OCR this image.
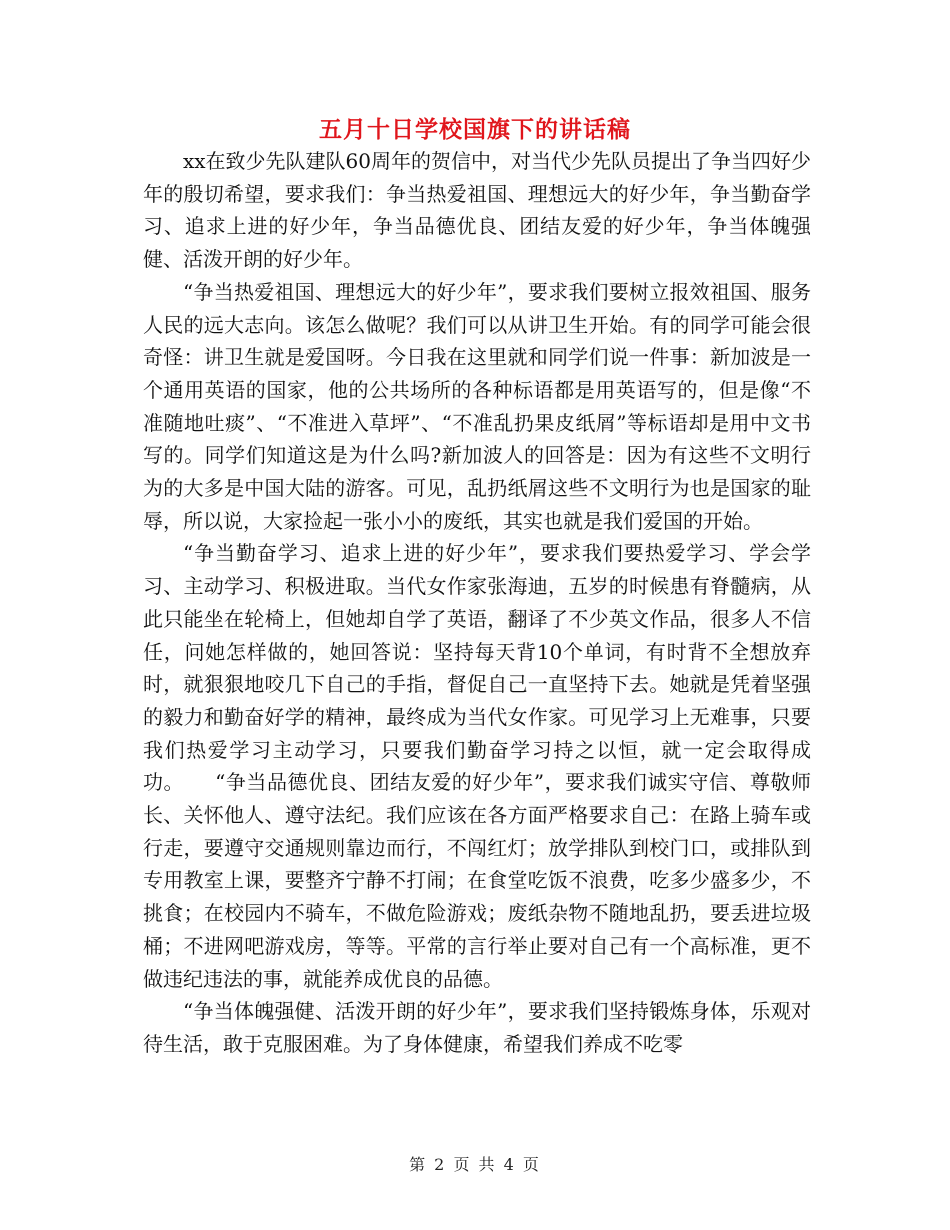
五月十日学校国旗下的讲话稿

xx在致少先队建队60周年的贺信中，对当代少先队员提出了争当四好少年的殷切希望，要求我们：争当热爱祖国、理想远大的好少年，争当勤奋学习、追求上进的好少年，争当品德优良、团结友爱的好少年，争当体魄强健、活泼开朗的好少年。

“争当热爱祖国、理想远大的好少年”，要求我们要树立报效祖国、服务人民的远大志向。该怎么做呢？我们可以从讲卫生开始。有的同学可能会很奇怪：讲卫生就是爱国呀。今日我在这里就和同学们说一件事：新加波是一个通用英语的国家，他的公共场所的各种标语都是用英语写的，但是像“不准随地吐痰”、“不准进入草坪”、“不准乱扔果皮纸屑”等标语却是用中文书写的。同学们知道这是为什么吗?新加波人的回答是：因为有这些不文明行为的大多是中国大陆的游客。可见，乱扔纸屑这些不文明行为也是国家的耻辱，所以说，大家捡起一张小小的废纸，其实也就是我们爱国的开始。

“争当勤奋学习、追求上进的好少年”，要求我们要热爱学习、学会学习、主动学习、积极进取。当代女作家张海迪，五岁的时候患有脊髓病，从此只能坐在轮椅上，但她却自学了英语，翻译了不少英文作品，很多人不信任，问她怎样做的，她回答说：坚持每天背10个单词，有时背不全想放弃时，就狠狠地咬几下自己的手指，督促自己一直坚持下去。她就是凭着坚强的毅力和勤奋好学的精神，最终成为当代女作家。可见学习上无难事，只要我们热爱学习主动学习，只要我们勤奋学习持之以恒，就一定会取得成功。　　“争当品德优良、团结友爱的好少年”，要求我们诚实守信、尊敬师长、关怀他人、遵守法纪。我们应该在各方面严格要求自己：在路上骑车或行走，要遵守交通规则靠边而行，不闯红灯；放学排队到校门口，或排队到专用教室上课，要整齐宁静不打闹；在食堂吃饭不浪费，吃多少盛多少，不挑食；在校园内不骑车，不做危险游戏；废纸杂物不随地乱扔，要丢进垃圾桶；不进网吧游戏房，等等。平常的言行举止要对自己有一个高标准，更不做违纪违法的事，就能养成优良的品德。

“争当体魄强健、活泼开朗的好少年”，要求我们坚持锻炼身体，乐观对待生活，敢于克服困难。为了身体健康，希望我们养成不吃零

第 2 页 共 4 页
